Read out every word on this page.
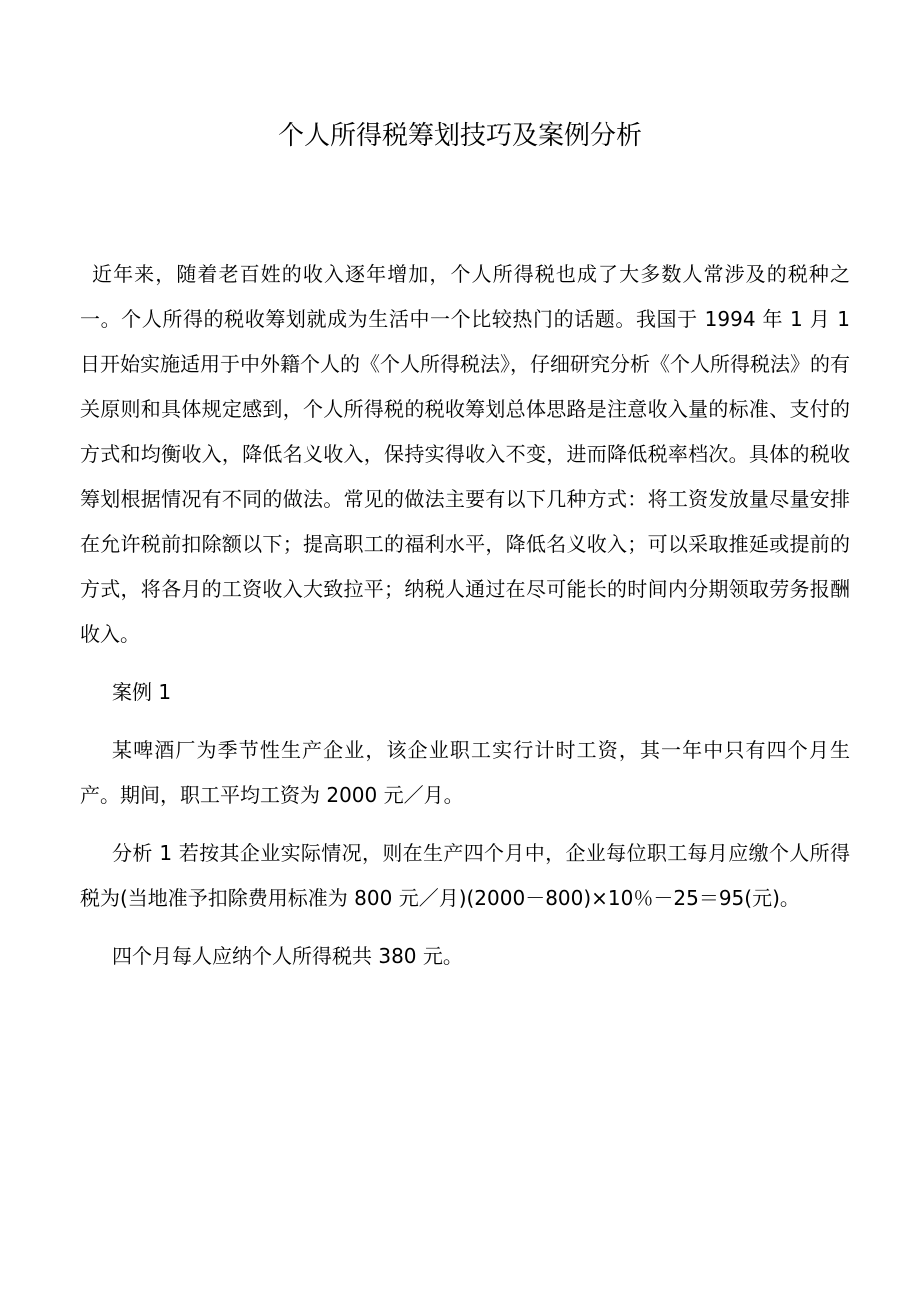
个人所得税筹划技巧及案例分析

近年来，随着老百姓的收入逐年增加，个人所得税也成了大多数人常涉及的税种之一。个人所得的税收筹划就成为生活中一个比较热门的话题。我国于 1994 年 1 月 1 日开始实施适用于中外籍个人的《个人所得税法》，仔细研究分析《个人所得税法》的有关原则和具体规定感到，个人所得税的税收筹划总体思路是注意收入量的标准、支付的方式和均衡收入，降低名义收入，保持实得收入不变，进而降低税率档次。具体的税收筹划根据情况有不同的做法。常见的做法主要有以下几种方式：将工资发放量尽量安排在允许税前扣除额以下；提高职工的福利水平，降低名义收入；可以采取推延或提前的方式，将各月的工资收入大致拉平；纳税人通过在尽可能长的时间内分期领取劳务报酬收入。

案例 1

某啤酒厂为季节性生产企业，该企业职工实行计时工资，其一年中只有四个月生产。期间，职工平均工资为 2000 元／月。

分析 1 若按其企业实际情况，则在生产四个月中，企业每位职工每月应缴个人所得税为(当地准予扣除费用标准为 800 元／月)(2000－800)×10％－25＝95(元)。

四个月每人应纳个人所得税共 380 元。
